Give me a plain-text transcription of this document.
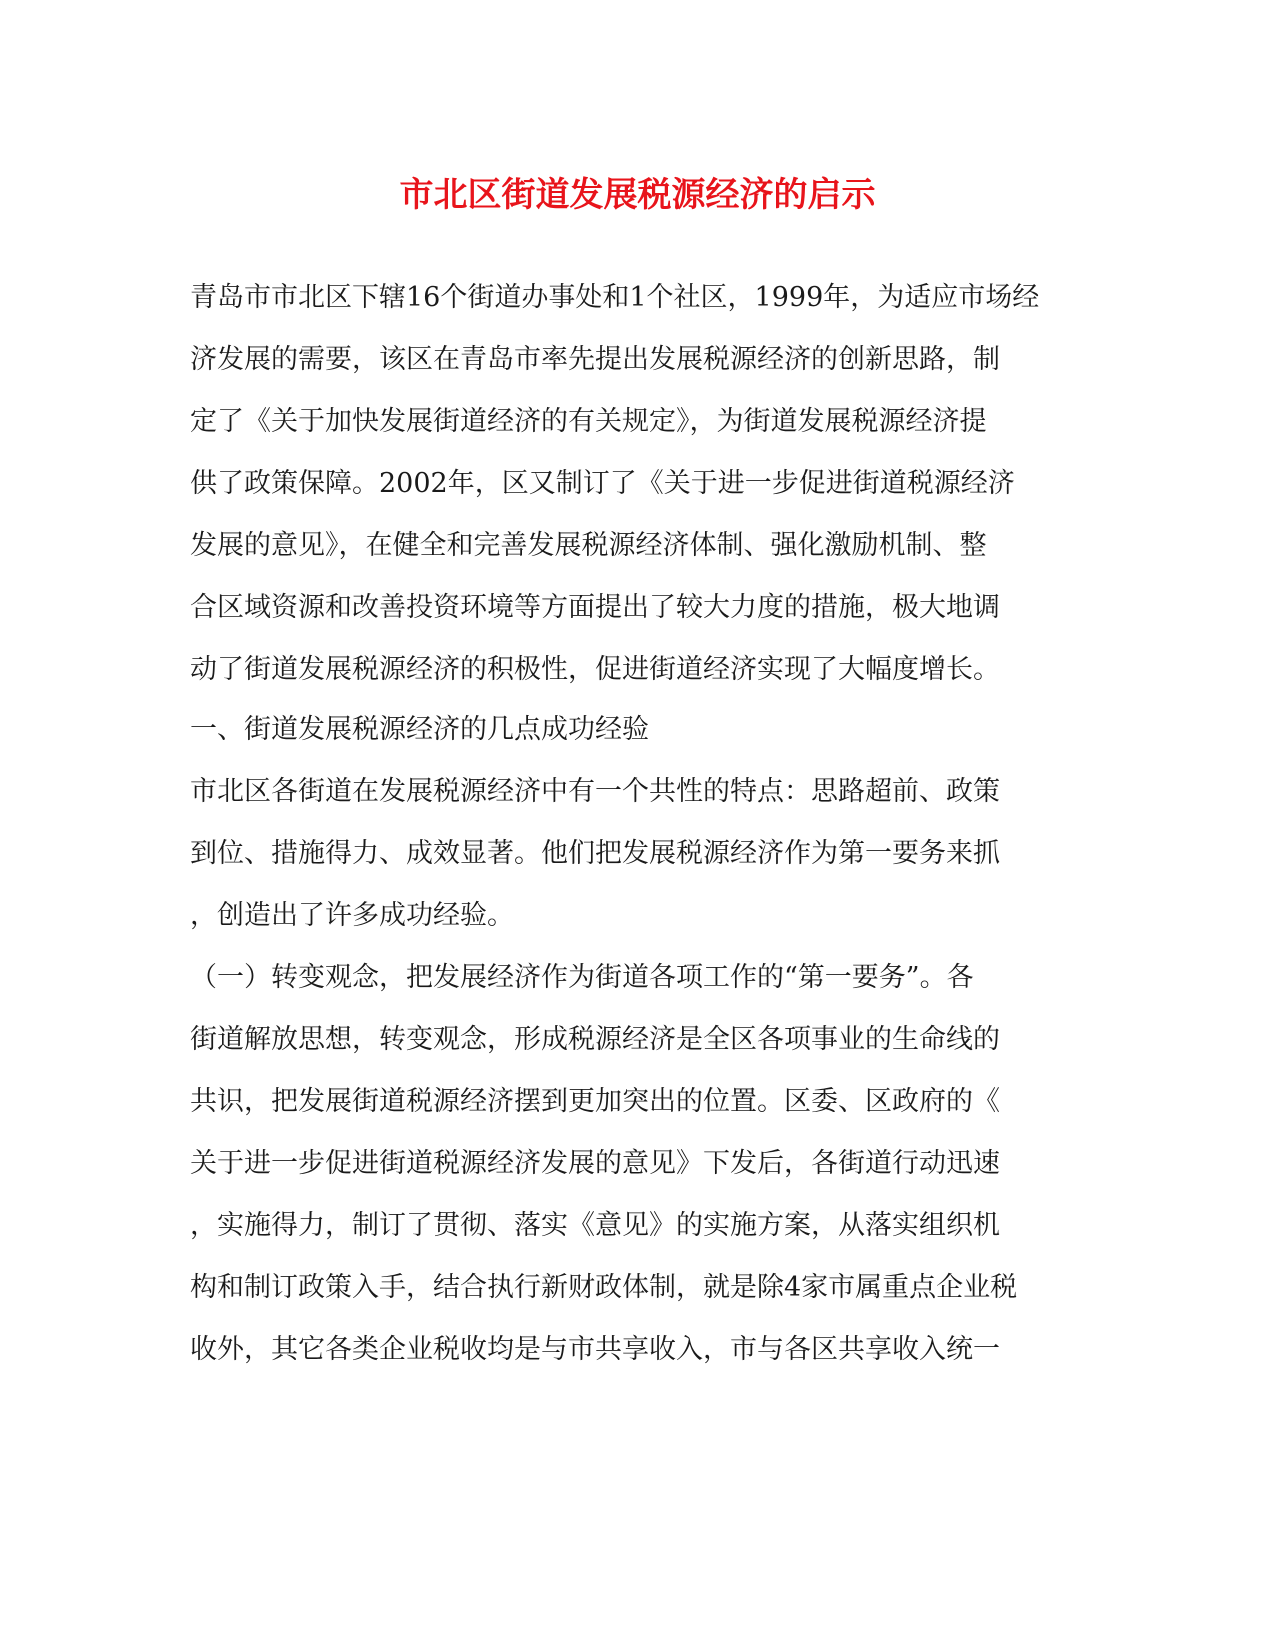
市北区街道发展税源经济的启示
青岛市市北区下辖16个街道办事处和1个社区，1999年，为适应市场经
济发展的需要，该区在青岛市率先提出发展税源经济的创新思路，制
定了《关于加快发展街道经济的有关规定》，为街道发展税源经济提
供了政策保障。2002年，区又制订了《关于进一步促进街道税源经济
发展的意见》，在健全和完善发展税源经济体制、强化激励机制、整
合区域资源和改善投资环境等方面提出了较大力度的措施，极大地调
动了街道发展税源经济的积极性，促进街道经济实现了大幅度增长。
一、街道发展税源经济的几点成功经验
市北区各街道在发展税源经济中有一个共性的特点：思路超前、政策
到位、措施得力、成效显著。他们把发展税源经济作为第一要务来抓
，创造出了许多成功经验。
（一）转变观念，把发展经济作为街道各项工作的“第一要务”。各
街道解放思想，转变观念，形成税源经济是全区各项事业的生命线的
共识，把发展街道税源经济摆到更加突出的位置。区委、区政府的《
关于进一步促进街道税源经济发展的意见》下发后，各街道行动迅速
，实施得力，制订了贯彻、落实《意见》的实施方案，从落实组织机
构和制订政策入手，结合执行新财政体制，就是除4家市属重点企业税
收外，其它各类企业税收均是与市共享收入，市与各区共享收入统一
